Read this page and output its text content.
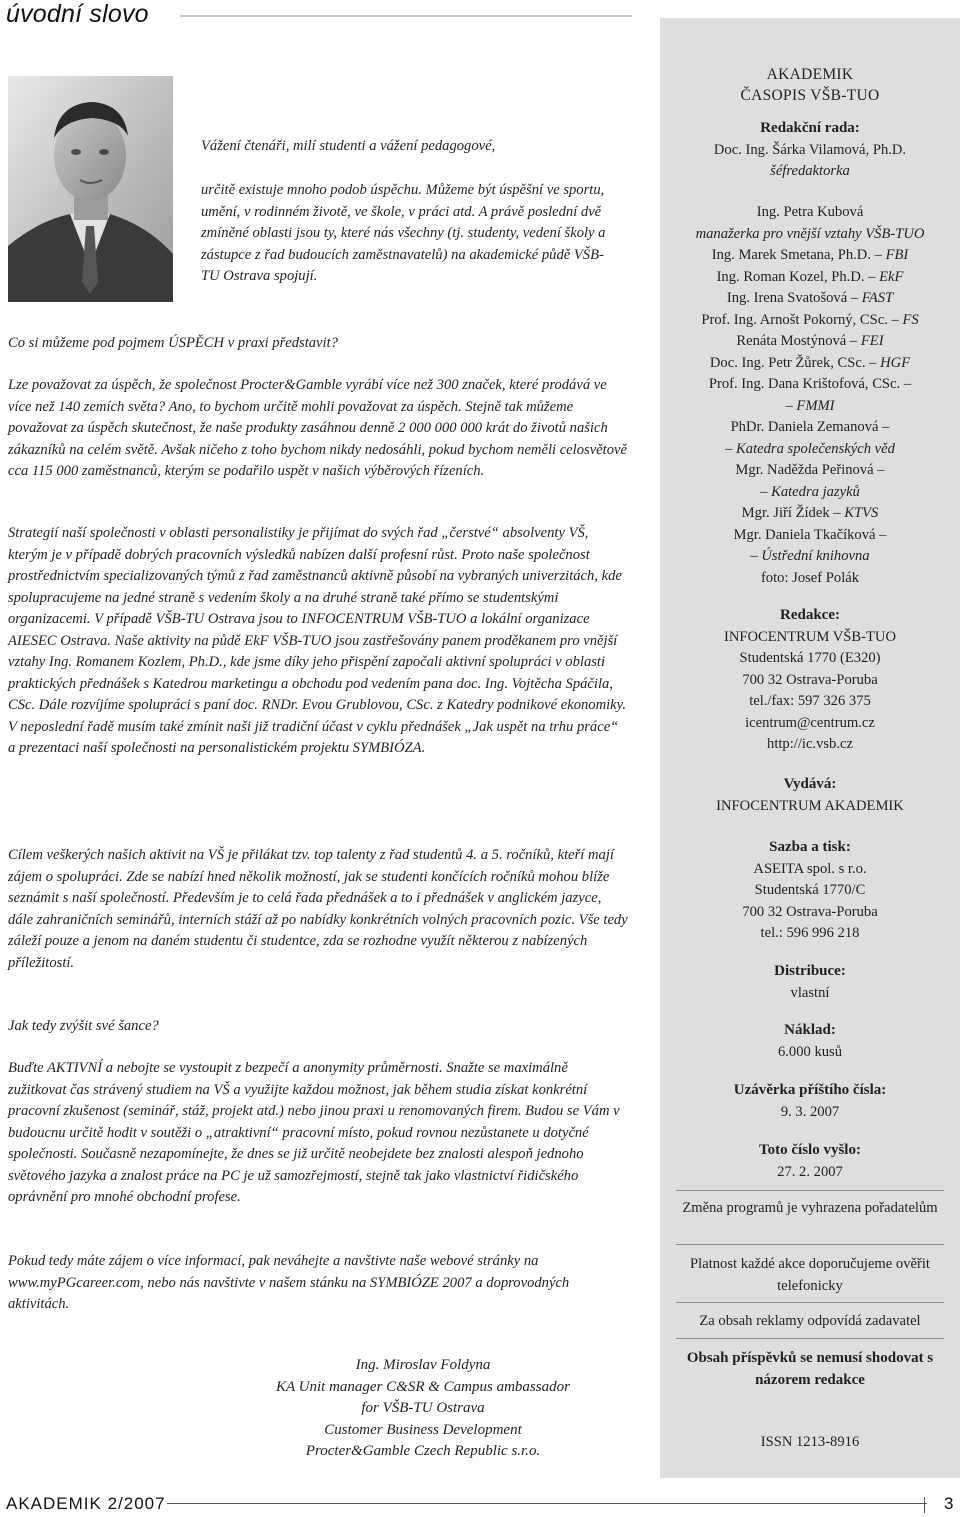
úvodní slovo
Vážení čtenáři, milí studenti a vážení pedagogové,
určitě existuje mnoho podob úspěchu. Můžeme být úspěšní ve sportu, umění, v rodinném životě, ve škole, v práci atd. A právě poslední dvě zmíněné oblasti jsou ty, které nás všechny (tj. studenty, vedení školy a zástupce z řad budoucích zaměstnavatelů) na akademické půdě VŠB-TU Ostrava spojují.

Co si můžeme pod pojmem ÚSPĚCH v praxi představit?

Lze považovat za úspěch, že společnost Procter&Gamble vyrábí více než 300 značek, které prodává ve více než 140 zemích světa? Ano, to bychom určitě mohli považovat za úspěch. Stejně tak můžeme považovat za úspěch skutečnost, že naše produkty zasáhnou denně 2 000 000 000 krát do životů našich zákazníků na celém světě. Avšak ničeho z toho bychom nikdy nedosáhli, pokud bychom neměli celosvětově cca 115 000 zaměstnanců, kterým se podařilo uspět v našich výběrových řízeních.

Strategií naší společnosti v oblasti personalistiky je přijímat do svých řad „čerstvé“ absolventy VŠ, kterým je v případě dobrých pracovních výsledků nabízen další profesní růst. Proto naše společnost prostřednictvím specializovaných týmů z řad zaměstnanců aktivně působí na vybraných univerzitách, kde spolupracujeme na jedné straně s vedením školy a na druhé straně také přímo se studentskými organizacemi. V případě VŠB-TU Ostrava jsou to INFOCENTRUM VŠB-TUO a lokální organizace AIESEC Ostrava. Naše aktivity na půdě EkF VŠB-TUO jsou zastřešovány panem proděkanem pro vnější vztahy Ing. Romanem Kozlem, Ph.D., kde jsme díky jeho přispění započali aktivní spolupráci v oblasti praktických přednášek s Katedrou marketingu a obchodu pod vedením pana doc. Ing. Vojtěcha Spáčila, CSc. Dále rozvíjíme spolupráci s paní doc. RNDr. Evou Grublovou, CSc. z Katedry podnikové ekonomiky. V neposlední řadě musím také zmínit naši již tradiční účast v cyklu přednášek „Jak uspět na trhu práce“ a prezentaci naší společnosti na personalistickém projektu SYMBIÓZA.

Cílem veškerých našich aktivit na VŠ je přilákat tzv. top talenty z řad studentů 4. a 5. ročníků, kteří mají zájem o spolupráci. Zde se nabízí hned několik možností, jak se studenti končících ročníků mohou blíže seznámit s naší společností. Především je to celá řada přednášek a to i přednášek v anglickém jazyce, dále zahraničních seminářů, interních stáží až po nabídky konkrétních volných pracovních pozic. Vše tedy záleží pouze a jenom na daném studentu či studentce, zda se rozhodne využít některou z nabízených příležitostí.

Jak tedy zvýšit své šance?

Buďte AKTIVNÍ a nebojte se vystoupit z bezpečí a anonymity průměrnosti. Snažte se maximálně zužitkovat čas strávený studiem na VŠ a využijte každou možnost, jak během studia získat konkrétní pracovní zkušenost (seminář, stáž, projekt atd.) nebo jinou praxi u renomovaných firem. Budou se Vám v budoucnu určitě hodit v soutěži o „atraktivní“ pracovní místo, pokud rovnou nezůstanete u dotyčné společnosti. Současně nezapomínejte, že dnes se již určitě neobejdete bez znalosti alespoň jednoho světového jazyka a znalost práce na PC je už samozřejmostí, stejně tak jako vlastnictví řidičského oprávnění pro mnohé obchodní profese.

Pokud tedy máte zájem o více informací, pak neváhejte a navštivte naše webové stránky na www.myPGcareer.com, nebo nás navštivte v našem stánku na SYMBIÓZE 2007 a doprovodných aktivitách.

Ing. Miroslav Foldyna
KA Unit manager C&SR & Campus ambassador
for VŠB-TU Ostrava
Customer Business Development
Procter&Gamble Czech Republic s.r.o.
AKADEMIK
ČASOPIS VŠB-TUO
Redakční rada:
Doc. Ing. Šárka Vilamová, Ph.D.
šéfredaktorka
Ing. Petra Kubová
manažerka pro vnější vztahy VŠB-TUO
Ing. Marek Smetana, Ph.D. – FBI
Ing. Roman Kozel, Ph.D. – EkF
Ing. Irena Svatošová – FAST
Prof. Ing. Arnošt Pokorný, CSc. – FS
Renáta Mostýnová – FEI
Doc. Ing. Petr Žůrek, CSc. – HGF
Prof. Ing. Dana Krištofová, CSc. –
– FMMI
PhDr. Daniela Zemanová –
– Katedra společenských věd
Mgr. Naděžda Peřinová –
– Katedra jazyků
Mgr. Jiří Žídek – KTVS
Mgr. Daniela Tkačíková –
– Ústřední knihovna
foto: Josef Polák
Redakce:
INFOCENTRUM VŠB-TUO
Studentská 1770 (E320)
700 32 Ostrava-Poruba
tel./fax: 597 326 375
icentrum@centrum.cz
http://ic.vsb.cz
Vydává:
INFOCENTRUM AKADEMIK
Sazba a tisk:
ASEITA spol. s r.o.
Studentská 1770/C
700 32 Ostrava-Poruba
tel.: 596 996 218
Distribuce:
vlastní
Náklad:
6.000 kusů
Uzávěrka příštího čísla:
9. 3. 2007
Toto číslo vyšlo:
27. 2. 2007
Změna programů je vyhrazena pořadatelům
Platnost každé akce doporučujeme ověřit telefonicky
Za obsah reklamy odpovídá zadavatel
Obsah příspěvků se nemusí shodovat s názorem redakce
ISSN 1213-8916
AKADEMIK 2/2007	3
